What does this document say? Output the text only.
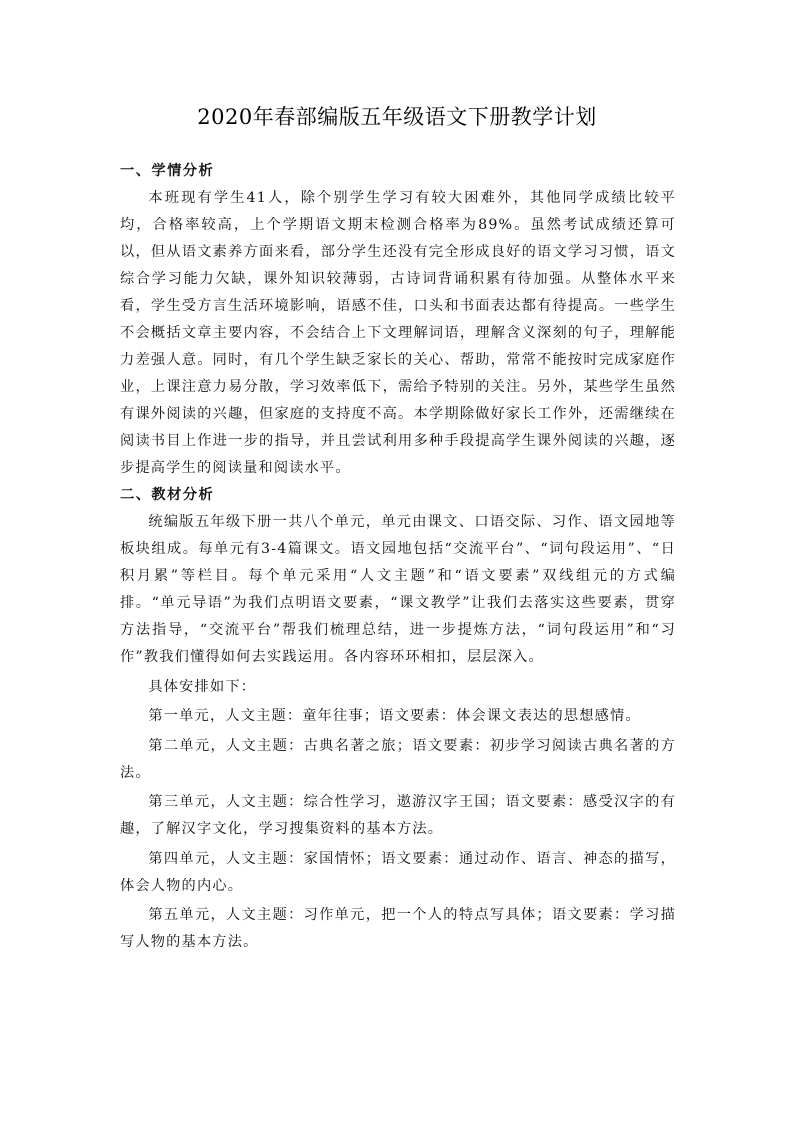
2020年春部编版五年级语文下册教学计划

一、学情分析

本班现有学生41人，除个别学生学习有较大困难外，其他同学成绩比较平均，合格率较高，上个学期语文期末检测合格率为89%。虽然考试成绩还算可以，但从语文素养方面来看，部分学生还没有完全形成良好的语文学习习惯，语文综合学习能力欠缺，课外知识较薄弱，古诗词背诵积累有待加强。从整体水平来看，学生受方言生活环境影响，语感不佳，口头和书面表达都有待提高。一些学生不会概括文章主要内容，不会结合上下文理解词语，理解含义深刻的句子，理解能力差强人意。同时，有几个学生缺乏家长的关心、帮助，常常不能按时完成家庭作业，上课注意力易分散，学习效率低下，需给予特别的关注。另外，某些学生虽然有课外阅读的兴趣，但家庭的支持度不高。本学期除做好家长工作外，还需继续在阅读书目上作进一步的指导，并且尝试利用多种手段提高学生课外阅读的兴趣，逐步提高学生的阅读量和阅读水平。

二、教材分析

统编版五年级下册一共八个单元，单元由课文、口语交际、习作、语文园地等板块组成。每单元有3-4篇课文。语文园地包括“交流平台”、“词句段运用”、“日积月累”等栏目。每个单元采用“人文主题”和“语文要素”双线组元的方式编排。“单元导语”为我们点明语文要素，“课文教学”让我们去落实这些要素，贯穿方法指导，“交流平台”帮我们梳理总结，进一步提炼方法，“词句段运用”和“习作”教我们懂得如何去实践运用。各内容环环相扣，层层深入。

具体安排如下：

第一单元，人文主题：童年往事；语文要素：体会课文表达的思想感情。

第二单元，人文主题：古典名著之旅；语文要素：初步学习阅读古典名著的方法。

第三单元，人文主题：综合性学习，遨游汉字王国；语文要素：感受汉字的有趣，了解汉字文化，学习搜集资料的基本方法。

第四单元，人文主题：家国情怀；语文要素：通过动作、语言、神态的描写，体会人物的内心。

第五单元，人文主题：习作单元，把一个人的特点写具体；语文要素：学习描写人物的基本方法。
